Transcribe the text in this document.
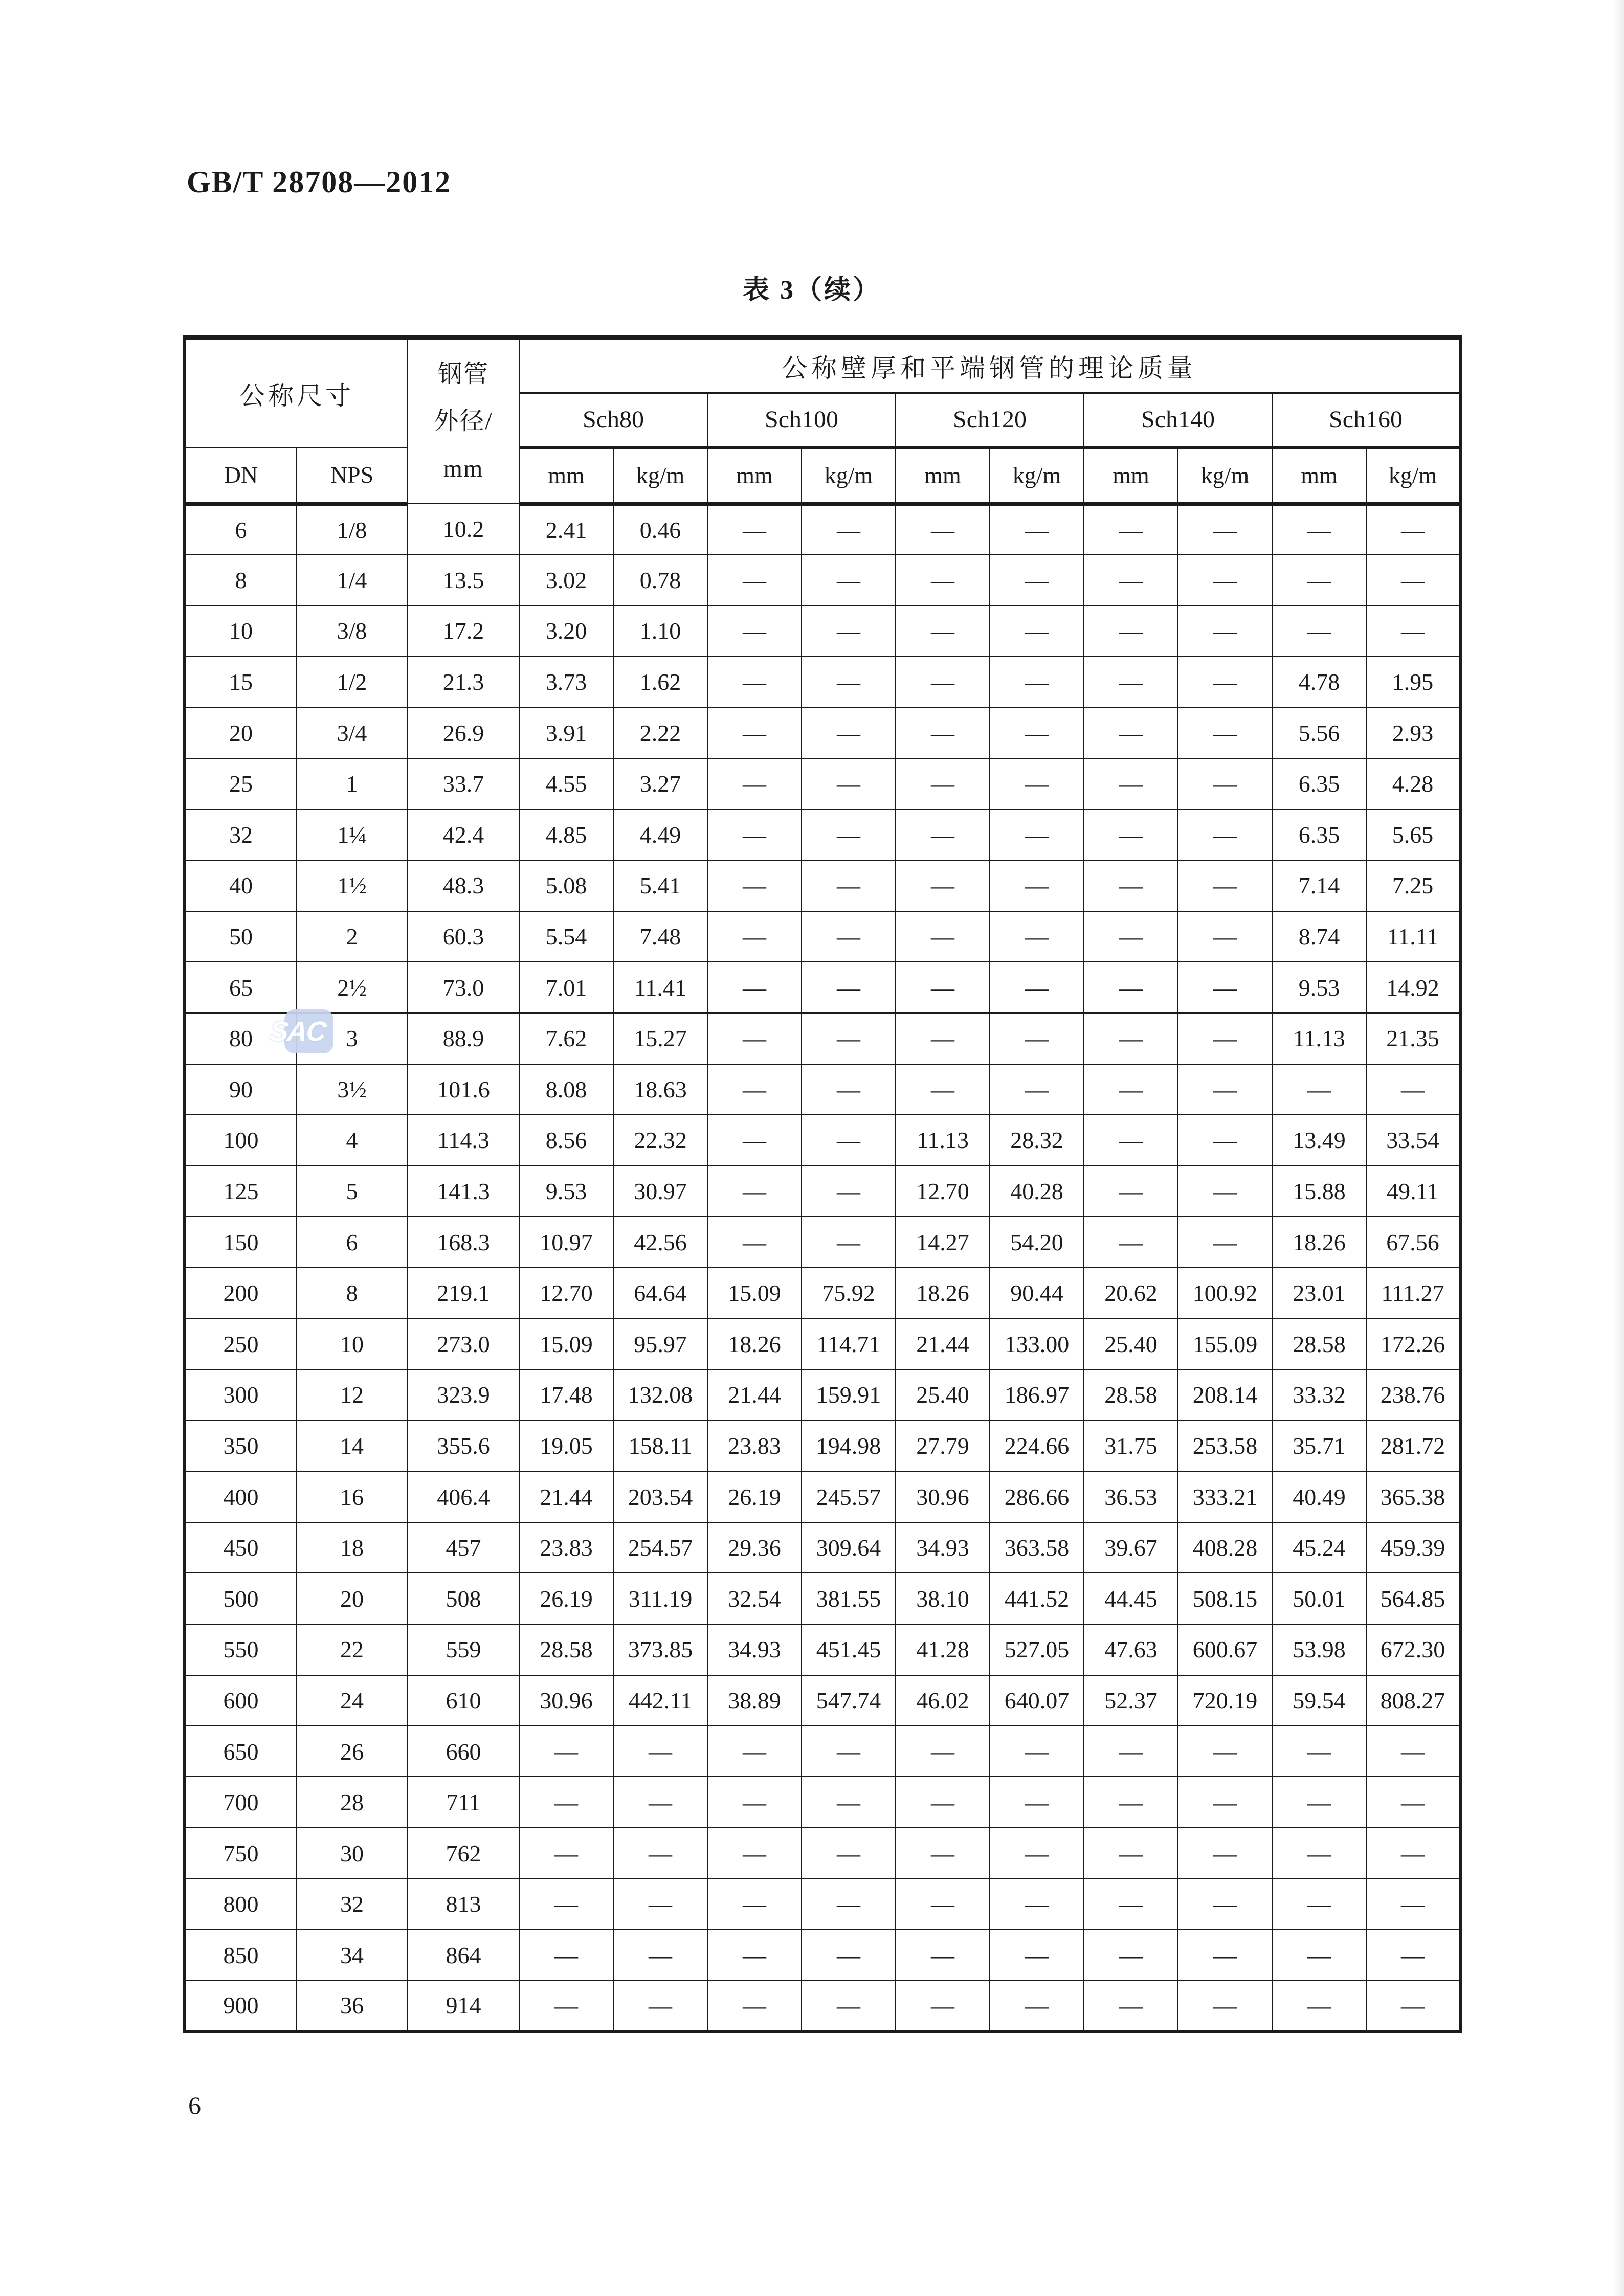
GB/T 28708—2012
表 3（续）
公称尺寸		钢管
外径/
mm	公称壁厚和平端钢管的理论质量									
			Sch80		Sch100		Sch120		Sch140		Sch160	
DN	NPS		mm	kg/m	mm	kg/m	mm	kg/m	mm	kg/m	mm	kg/m
6	1/8	10.2	2.41	0.46	—	—	—	—	—	—	—	—
8	1/4	13.5	3.02	0.78	—	—	—	—	—	—	—	—
10	3/8	17.2	3.20	1.10	—	—	—	—	—	—	—	—
15	1/2	21.3	3.73	1.62	—	—	—	—	—	—	4.78	1.95
20	3/4	26.9	3.91	2.22	—	—	—	—	—	—	5.56	2.93
25	1	33.7	4.55	3.27	—	—	—	—	—	—	6.35	4.28
32	1¼	42.4	4.85	4.49	—	—	—	—	—	—	6.35	5.65
40	1½	48.3	5.08	5.41	—	—	—	—	—	—	7.14	7.25
50	2	60.3	5.54	7.48	—	—	—	—	—	—	8.74	11.11
65	2½	73.0	7.01	11.41	—	—	—	—	—	—	9.53	14.92
80	3	88.9	7.62	15.27	—	—	—	—	—	—	11.13	21.35
90	3½	101.6	8.08	18.63	—	—	—	—	—	—	—	—
100	4	114.3	8.56	22.32	—	—	11.13	28.32	—	—	13.49	33.54
125	5	141.3	9.53	30.97	—	—	12.70	40.28	—	—	15.88	49.11
150	6	168.3	10.97	42.56	—	—	14.27	54.20	—	—	18.26	67.56
200	8	219.1	12.70	64.64	15.09	75.92	18.26	90.44	20.62	100.92	23.01	111.27
250	10	273.0	15.09	95.97	18.26	114.71	21.44	133.00	25.40	155.09	28.58	172.26
300	12	323.9	17.48	132.08	21.44	159.91	25.40	186.97	28.58	208.14	33.32	238.76
350	14	355.6	19.05	158.11	23.83	194.98	27.79	224.66	31.75	253.58	35.71	281.72
400	16	406.4	21.44	203.54	26.19	245.57	30.96	286.66	36.53	333.21	40.49	365.38
450	18	457	23.83	254.57	29.36	309.64	34.93	363.58	39.67	408.28	45.24	459.39
500	20	508	26.19	311.19	32.54	381.55	38.10	441.52	44.45	508.15	50.01	564.85
550	22	559	28.58	373.85	34.93	451.45	41.28	527.05	47.63	600.67	53.98	672.30
600	24	610	30.96	442.11	38.89	547.74	46.02	640.07	52.37	720.19	59.54	808.27
650	26	660	—	—	—	—	—	—	—	—	—	—
700	28	711	—	—	—	—	—	—	—	—	—	—
750	30	762	—	—	—	—	—	—	—	—	—	—
800	32	813	—	—	—	—	—	—	—	—	—	—
850	34	864	—	—	—	—	—	—	—	—	—	—
900	36	914	—	—	—	—	—	—	—	—	—	—
SAC
6
